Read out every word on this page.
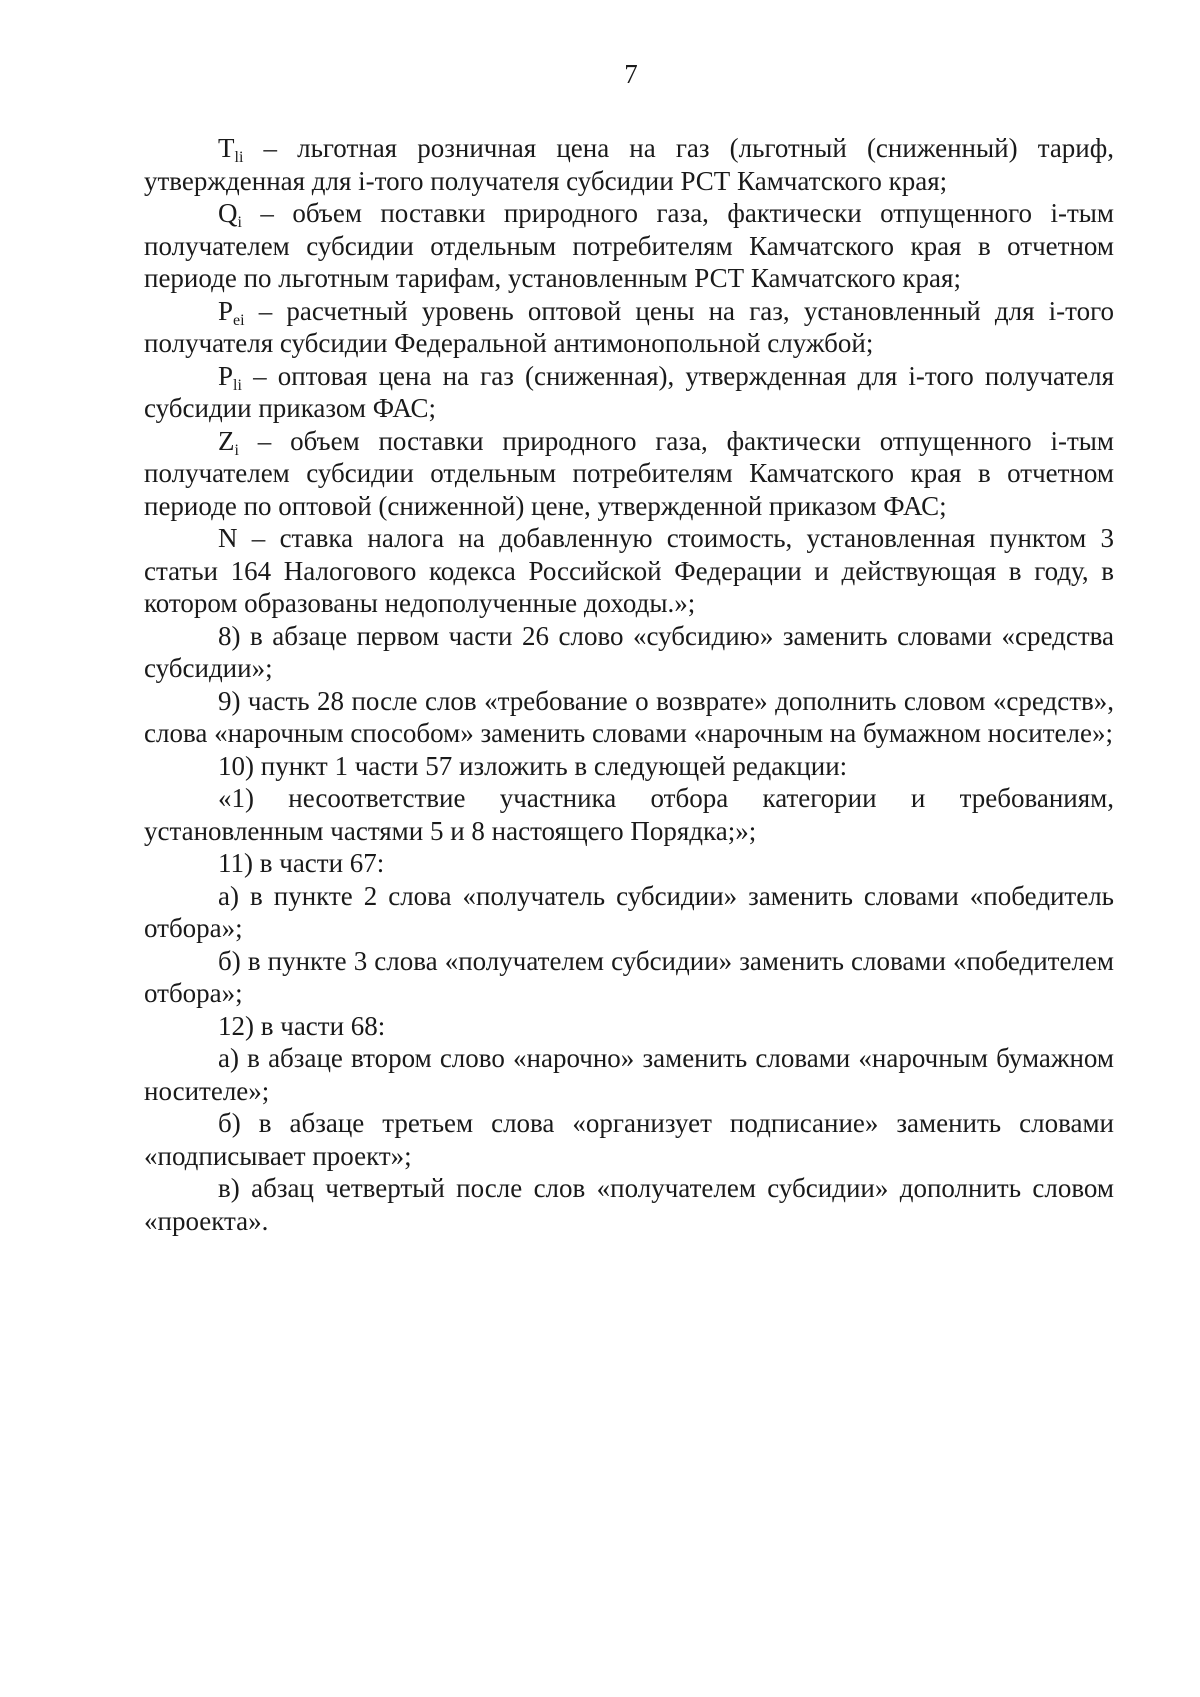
7

$T_{li}$ – льготная розничная цена на газ (льготный (сниженный) тариф, утвержденная для i-того получателя субсидии РСТ Камчатского края;

$Q_i$ – объем поставки природного газа, фактически отпущенного i-тым получателем субсидии отдельным потребителям Камчатского края в отчетном периоде по льготным тарифам, установленным РСТ Камчатского края;

$P_{ei}$ – расчетный уровень оптовой цены на газ, установленный для i-того получателя субсидии Федеральной антимонопольной службой;

$P_{li}$ – оптовая цена на газ (сниженная), утвержденная для i-того получателя субсидии приказом ФАС;

$Z_i$ – объем поставки природного газа, фактически отпущенного i-тым получателем субсидии отдельным потребителям Камчатского края в отчетном периоде по оптовой (сниженной) цене, утвержденной приказом ФАС;

N – ставка налога на добавленную стоимость, установленная пунктом 3 статьи 164 Налогового кодекса Российской Федерации и действующая в году, в котором образованы недополученные доходы.»;

8) в абзаце первом части 26 слово «субсидию» заменить словами «средства субсидии»;

9) часть 28 после слов «требование о возврате» дополнить словом «средств», слова «нарочным способом» заменить словами «нарочным на бумажном носителе»;

10) пункт 1 части 57 изложить в следующей редакции:

«1) несоответствие участника отбора категории и требованиям, установленным частями 5 и 8 настоящего Порядка;»;

11) в части 67:

а) в пункте 2 слова «получатель субсидии» заменить словами «победитель отбора»;

б) в пункте 3 слова «получателем субсидии» заменить словами «победителем отбора»;

12) в части 68:

а) в абзаце втором слово «нарочно» заменить словами «нарочным бумажном носителе»;

б) в абзаце третьем слова «организует подписание» заменить словами «подписывает проект»;

в) абзац четвертый после слов «получателем субсидии» дополнить словом «проекта».
